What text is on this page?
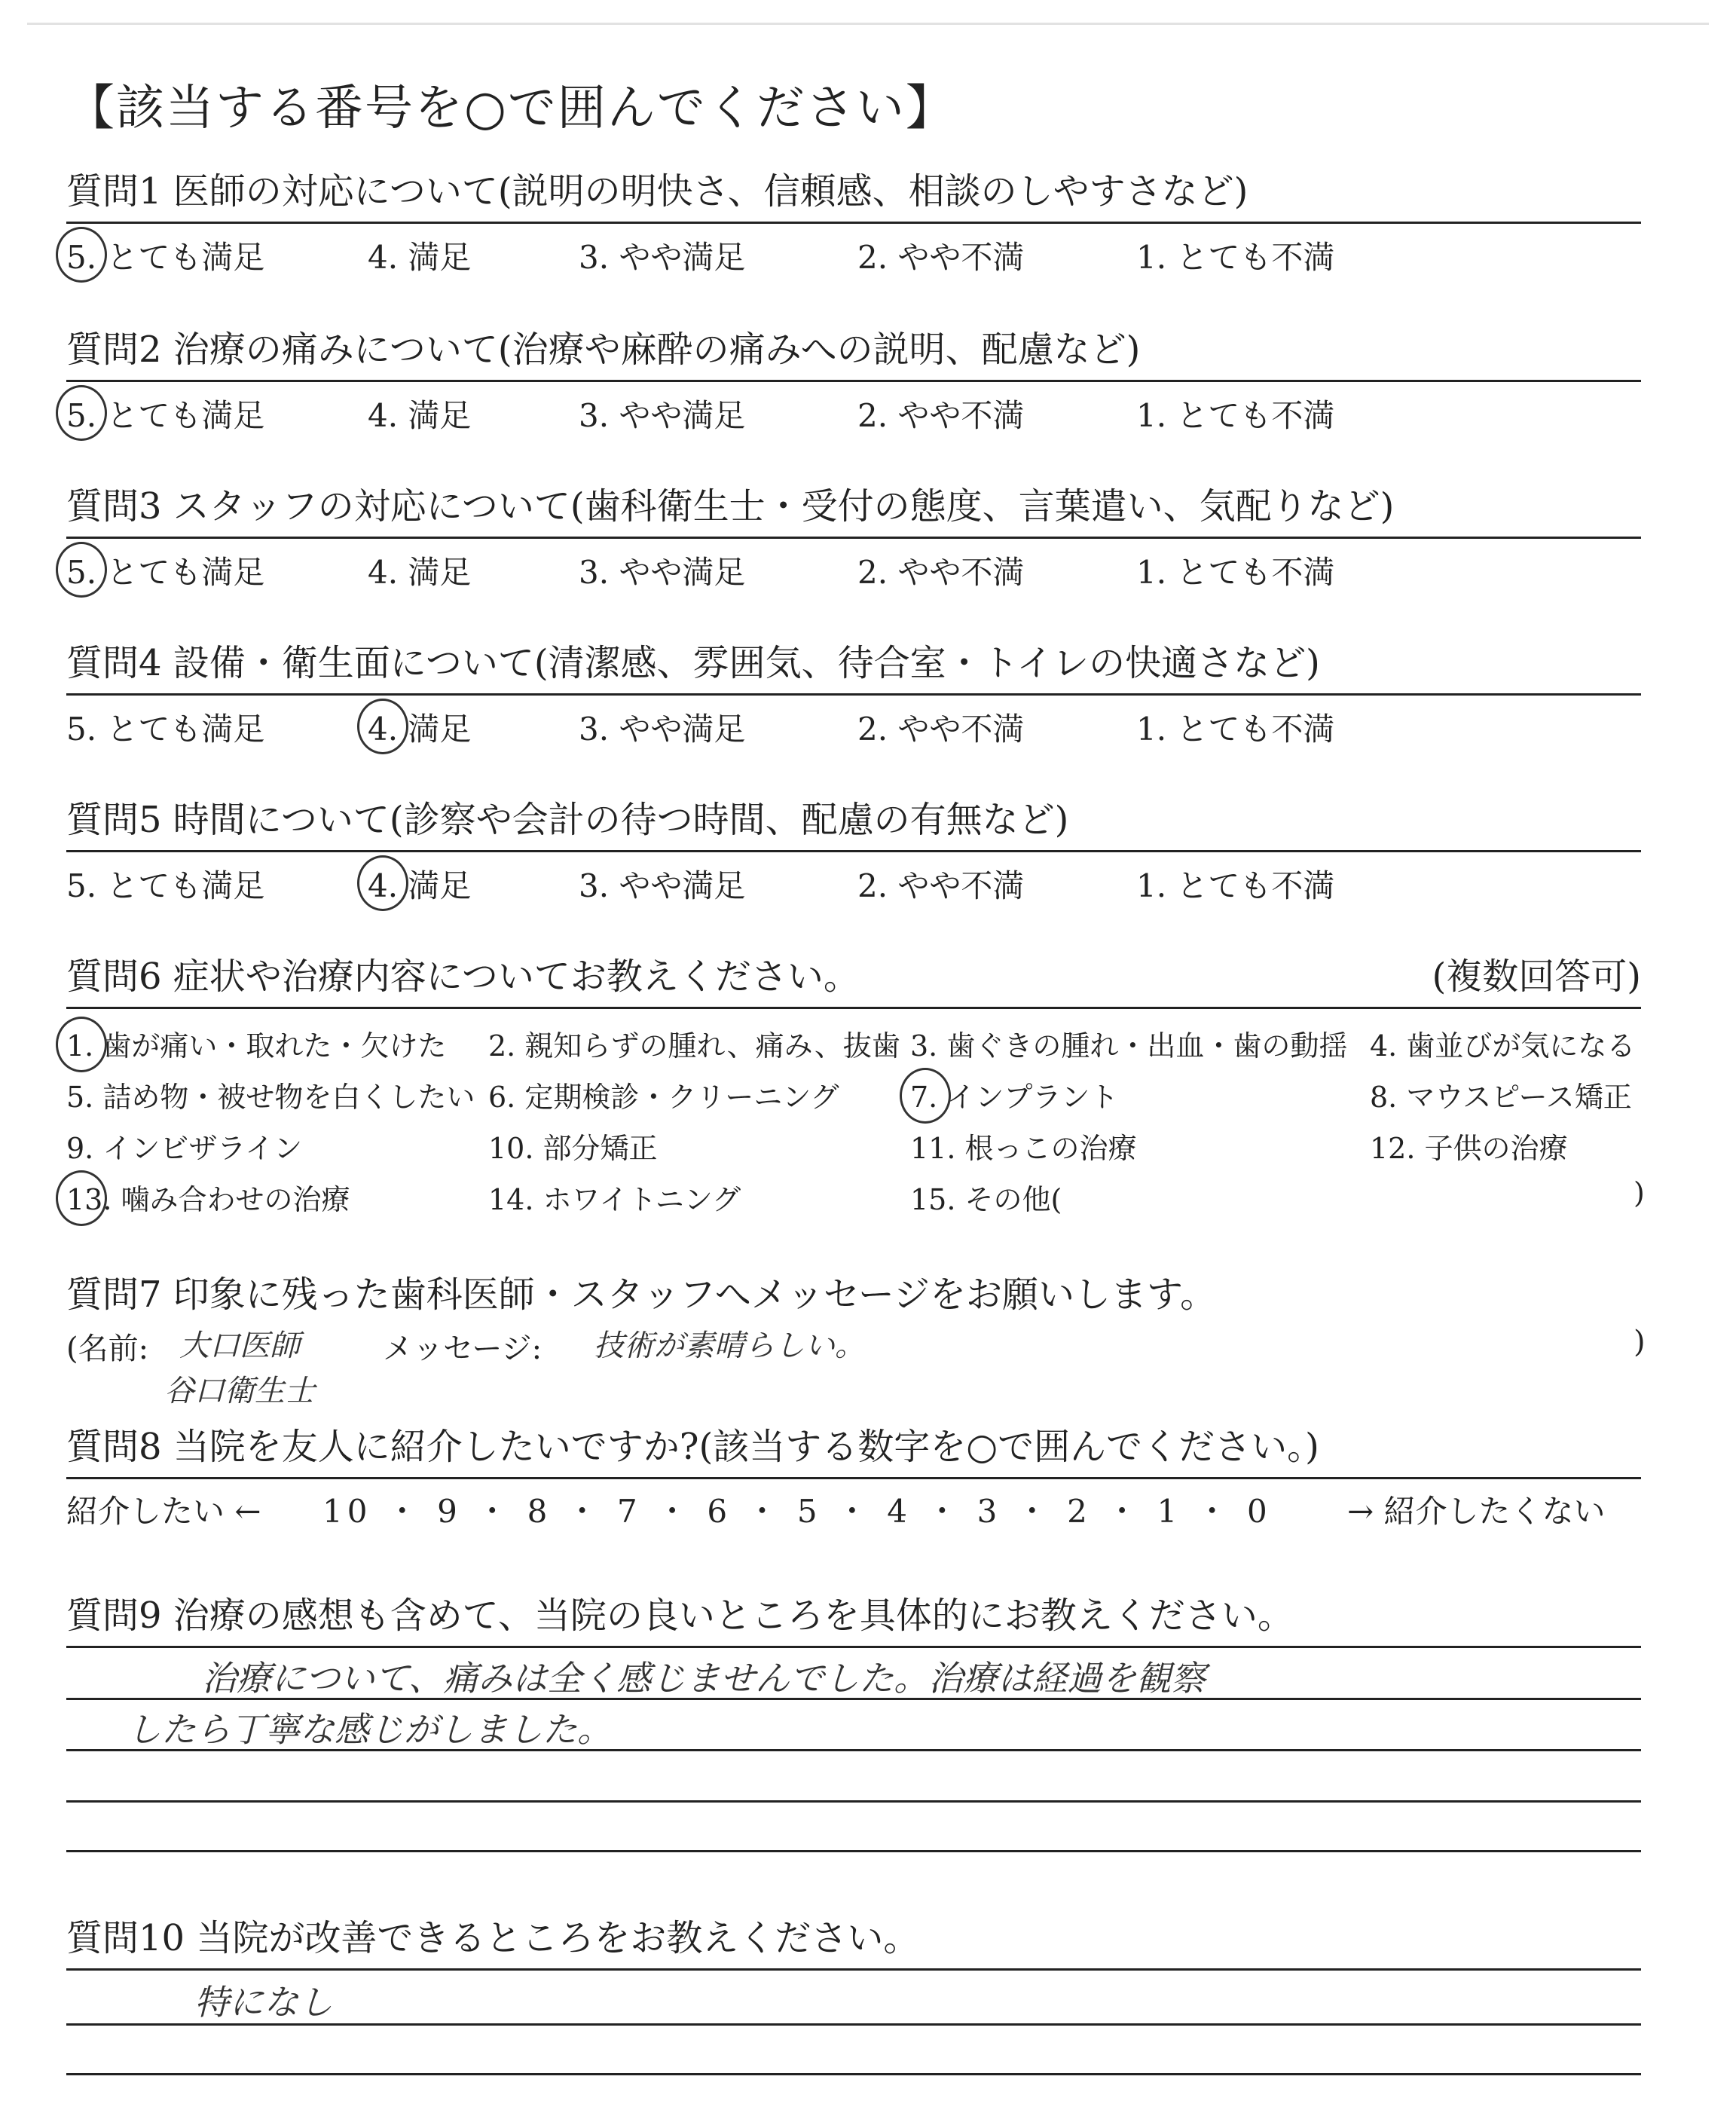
【該当する番号を○で囲んでください】
質問1 医師の対応について(説明の明快さ、信頼感、相談のしやすさなど)
5. とても満足	4. 満足	3. やや満足	2. やや不満	1. とても不満
質問2 治療の痛みについて(治療や麻酔の痛みへの説明、配慮など)
5. とても満足	4. 満足	3. やや満足	2. やや不満	1. とても不満
質問3 スタッフの対応について(歯科衛生士・受付の態度、言葉遣い、気配りなど)
5. とても満足	4. 満足	3. やや満足	2. やや不満	1. とても不満
質問4 設備・衛生面について(清潔感、雰囲気、待合室・トイレの快適さなど)
5. とても満足	4. 満足	3. やや満足	2. やや不満	1. とても不満
質問5 時間について(診察や会計の待つ時間、配慮の有無など)
5. とても満足	4. 満足	3. やや満足	2. やや不満	1. とても不満
質問6 症状や治療内容についてお教えください。	(複数回答可)
1. 歯が痛い・取れた・欠けた 2. 親知らずの腫れ、痛み、抜歯 3. 歯ぐきの腫れ・出血・歯の動揺 4. 歯並びが気になる
5. 詰め物・被せ物を白くしたい 6. 定期検診・クリーニング 7. インプラント	8. マウスピース矯正
9. インビザライン	10. 部分矯正	11. 根っこの治療	12. 子供の治療
13. 噛み合わせの治療	14. ホワイトニング	15. その他(	)
質問7 印象に残った歯科医師・スタッフへメッセージをお願いします。
(名前: 大口医師
谷口衛生士
メッセージ: 技術が素晴らしい。	)
質問8 当院を友人に紹介したいですか?(該当する数字を○で囲んでください。)
紹介したい ← 10 ・ 9 ・ 8 ・ 7 ・ 6 ・ 5 ・ 4 ・ 3 ・ 2 ・ 1 ・ 0 → 紹介したくない
質問9 治療の感想も含めて、当院の良いところを具体的にお教えください。
治療について、痛みは全く感じませんでした。治療は経過を観察
したら丁寧な感じがしました。
質問10 当院が改善できるところをお教えください。
特になし
